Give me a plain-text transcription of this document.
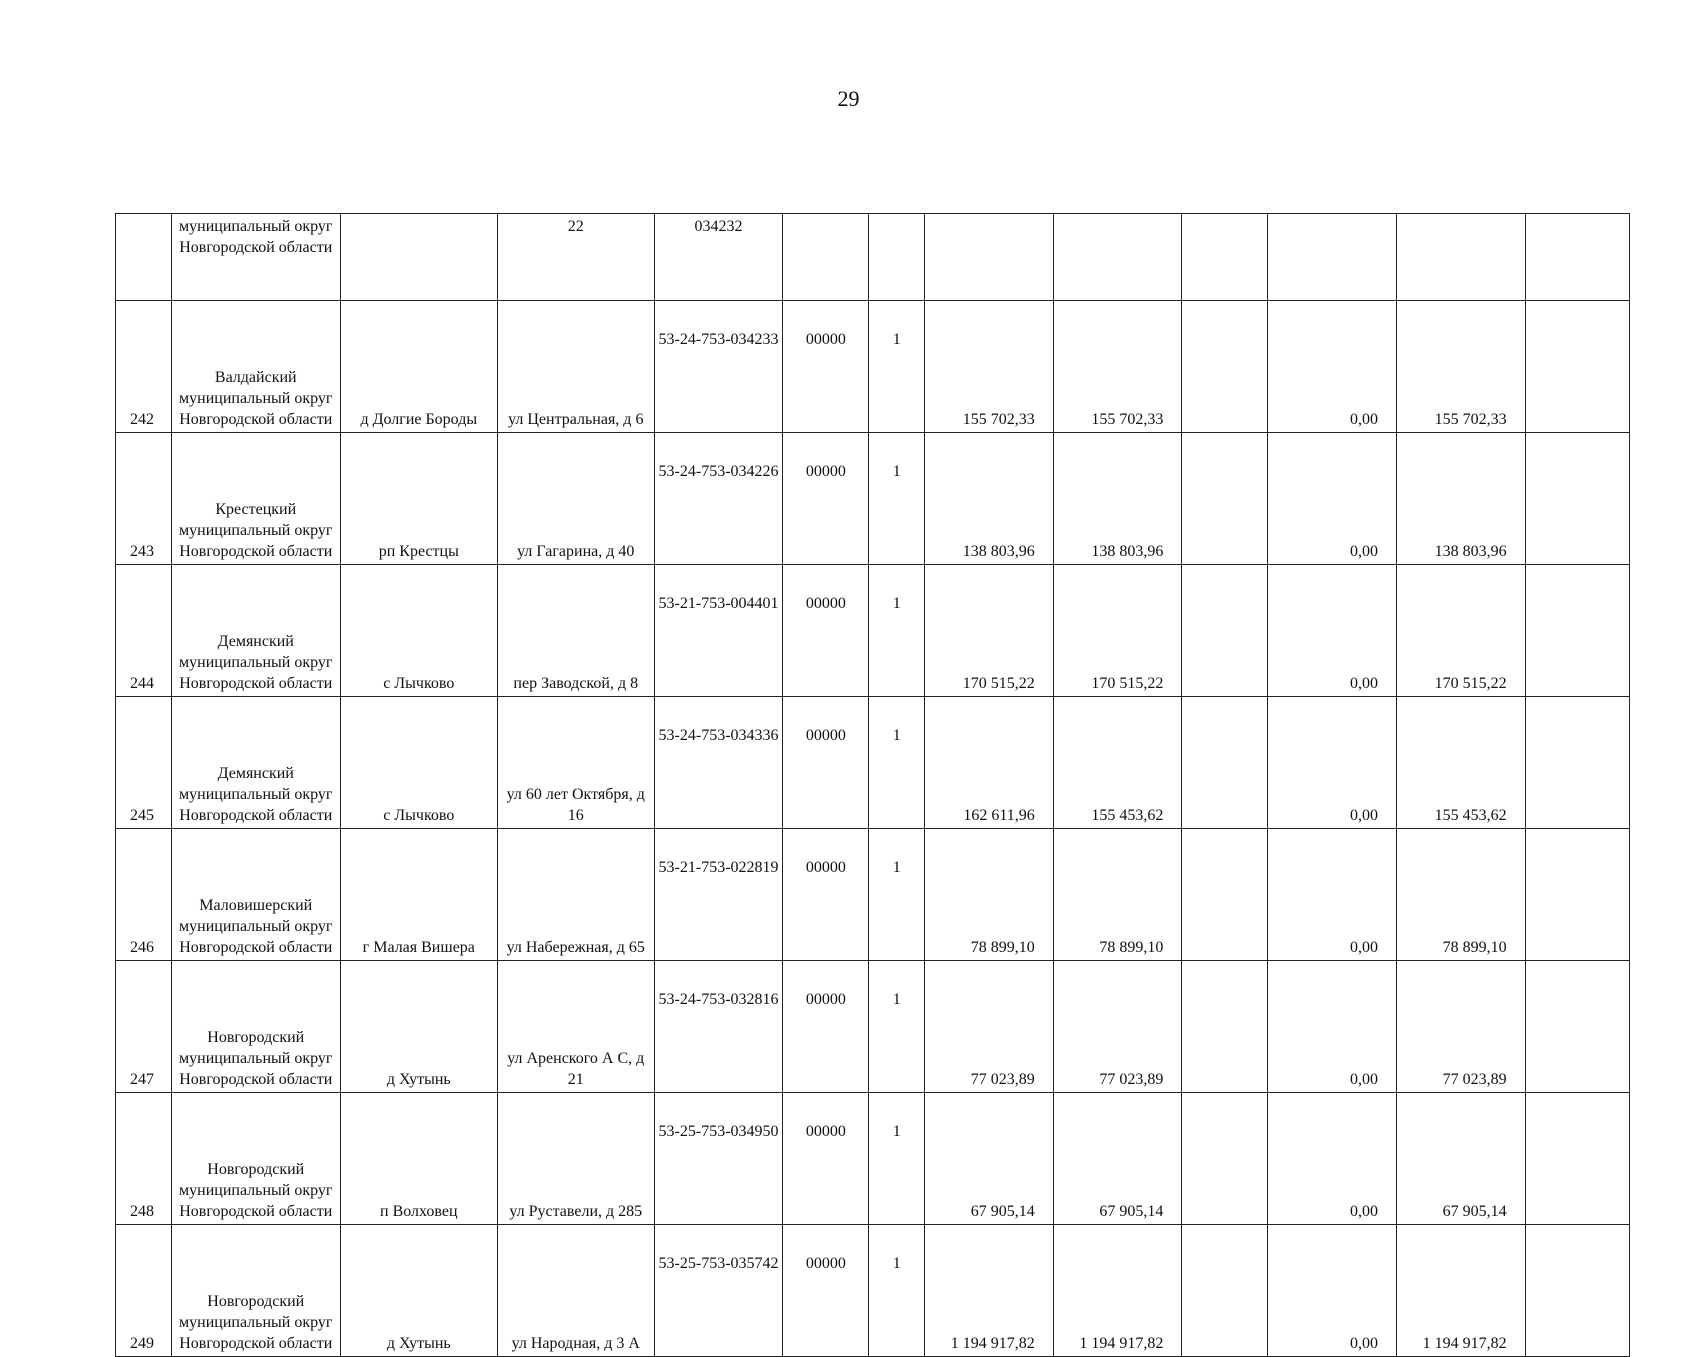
29
	муниципальный округ Новгородской области		22	034232								
242	Валдайский муниципальный округ Новгородской области	д Долгие Бороды	ул Центральная, д 6	53-24-753-034233	00000	1	155 702,33	155 702,33		0,00	155 702,33	
243	Крестецкий муниципальный округ Новгородской области	рп Крестцы	ул Гагарина, д 40	53-24-753-034226	00000	1	138 803,96	138 803,96		0,00	138 803,96	
244	Демянский муниципальный округ Новгородской области	с Лычково	пер Заводской, д 8	53-21-753-004401	00000	1	170 515,22	170 515,22		0,00	170 515,22	
245	Демянский муниципальный округ Новгородской области	с Лычково	ул 60 лет Октября, д 16	53-24-753-034336	00000	1	162 611,96	155 453,62		0,00	155 453,62	
246	Маловишерский муниципальный округ Новгородской области	г Малая Вишера	ул Набережная, д 65	53-21-753-022819	00000	1	78 899,10	78 899,10		0,00	78 899,10	
247	Новгородский муниципальный округ Новгородской области	д Хутынь	ул Аренского А С, д 21	53-24-753-032816	00000	1	77 023,89	77 023,89		0,00	77 023,89	
248	Новгородский муниципальный округ Новгородской области	п Волховец	ул Руставели, д 285	53-25-753-034950	00000	1	67 905,14	67 905,14		0,00	67 905,14	
249	Новгородский муниципальный округ Новгородской области	д Хутынь	ул Народная, д 3 А	53-25-753-035742	00000	1	1 194 917,82	1 194 917,82		0,00	1 194 917,82	
